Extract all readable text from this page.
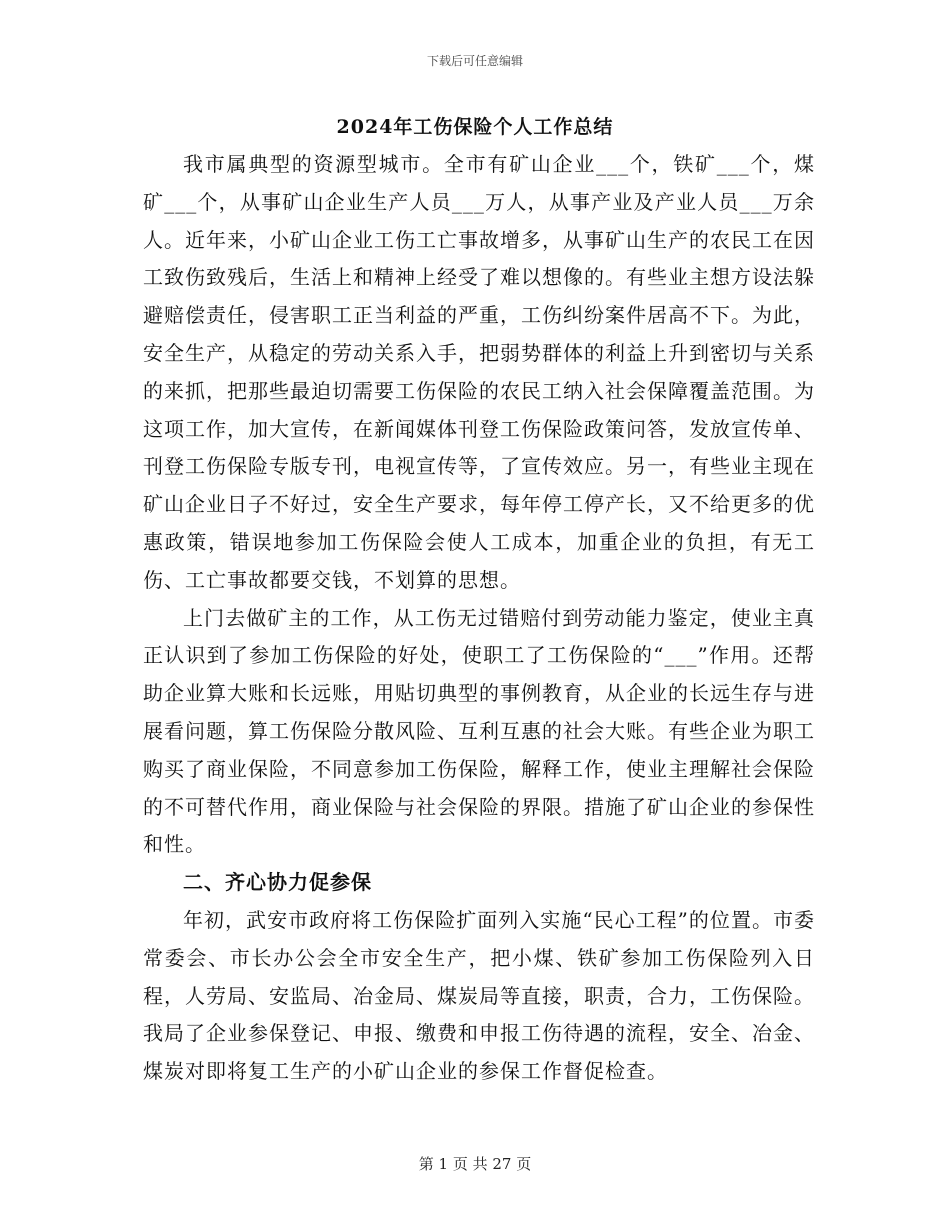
下载后可任意编辑
2024年工伤保险个人工作总结

我市属典型的资源型城市。全市有矿山企业___个，铁矿___个，煤矿___个，从事矿山企业生产人员___万人，从事产业及产业人员___万余人。近年来，小矿山企业工伤工亡事故增多，从事矿山生产的农民工在因工致伤致残后，生活上和精神上经受了难以想像的。有些业主想方设法躲避赔偿责任，侵害职工正当利益的严重，工伤纠纷案件居高不下。为此，安全生产，从稳定的劳动关系入手，把弱势群体的利益上升到密切与关系的来抓，把那些最迫切需要工伤保险的农民工纳入社会保障覆盖范围。为这项工作，加大宣传，在新闻媒体刊登工伤保险政策问答，发放宣传单、刊登工伤保险专版专刊，电视宣传等，了宣传效应。另一，有些业主现在矿山企业日子不好过，安全生产要求，每年停工停产长，又不给更多的优惠政策，错误地参加工伤保险会使人工成本，加重企业的负担，有无工伤、工亡事故都要交钱，不划算的思想。

上门去做矿主的工作，从工伤无过错赔付到劳动能力鉴定，使业主真正认识到了参加工伤保险的好处，使职工了工伤保险的“___”作用。还帮助企业算大账和长远账，用贴切典型的事例教育，从企业的长远生存与进展看问题，算工伤保险分散风险、互利互惠的社会大账。有些企业为职工购买了商业保险，不同意参加工伤保险，解释工作，使业主理解社会保险的不可替代作用，商业保险与社会保险的界限。措施了矿山企业的参保性和性。

二、齐心协力促参保

年初，武安市政府将工伤保险扩面列入实施“民心工程”的位置。市委常委会、市长办公会全市安全生产，把小煤、铁矿参加工伤保险列入日程，人劳局、安监局、冶金局、煤炭局等直接，职责，合力，工伤保险。我局了企业参保登记、申报、缴费和申报工伤待遇的流程，安全、冶金、煤炭对即将复工生产的小矿山企业的参保工作督促检查。

第 1 页 共 27 页
